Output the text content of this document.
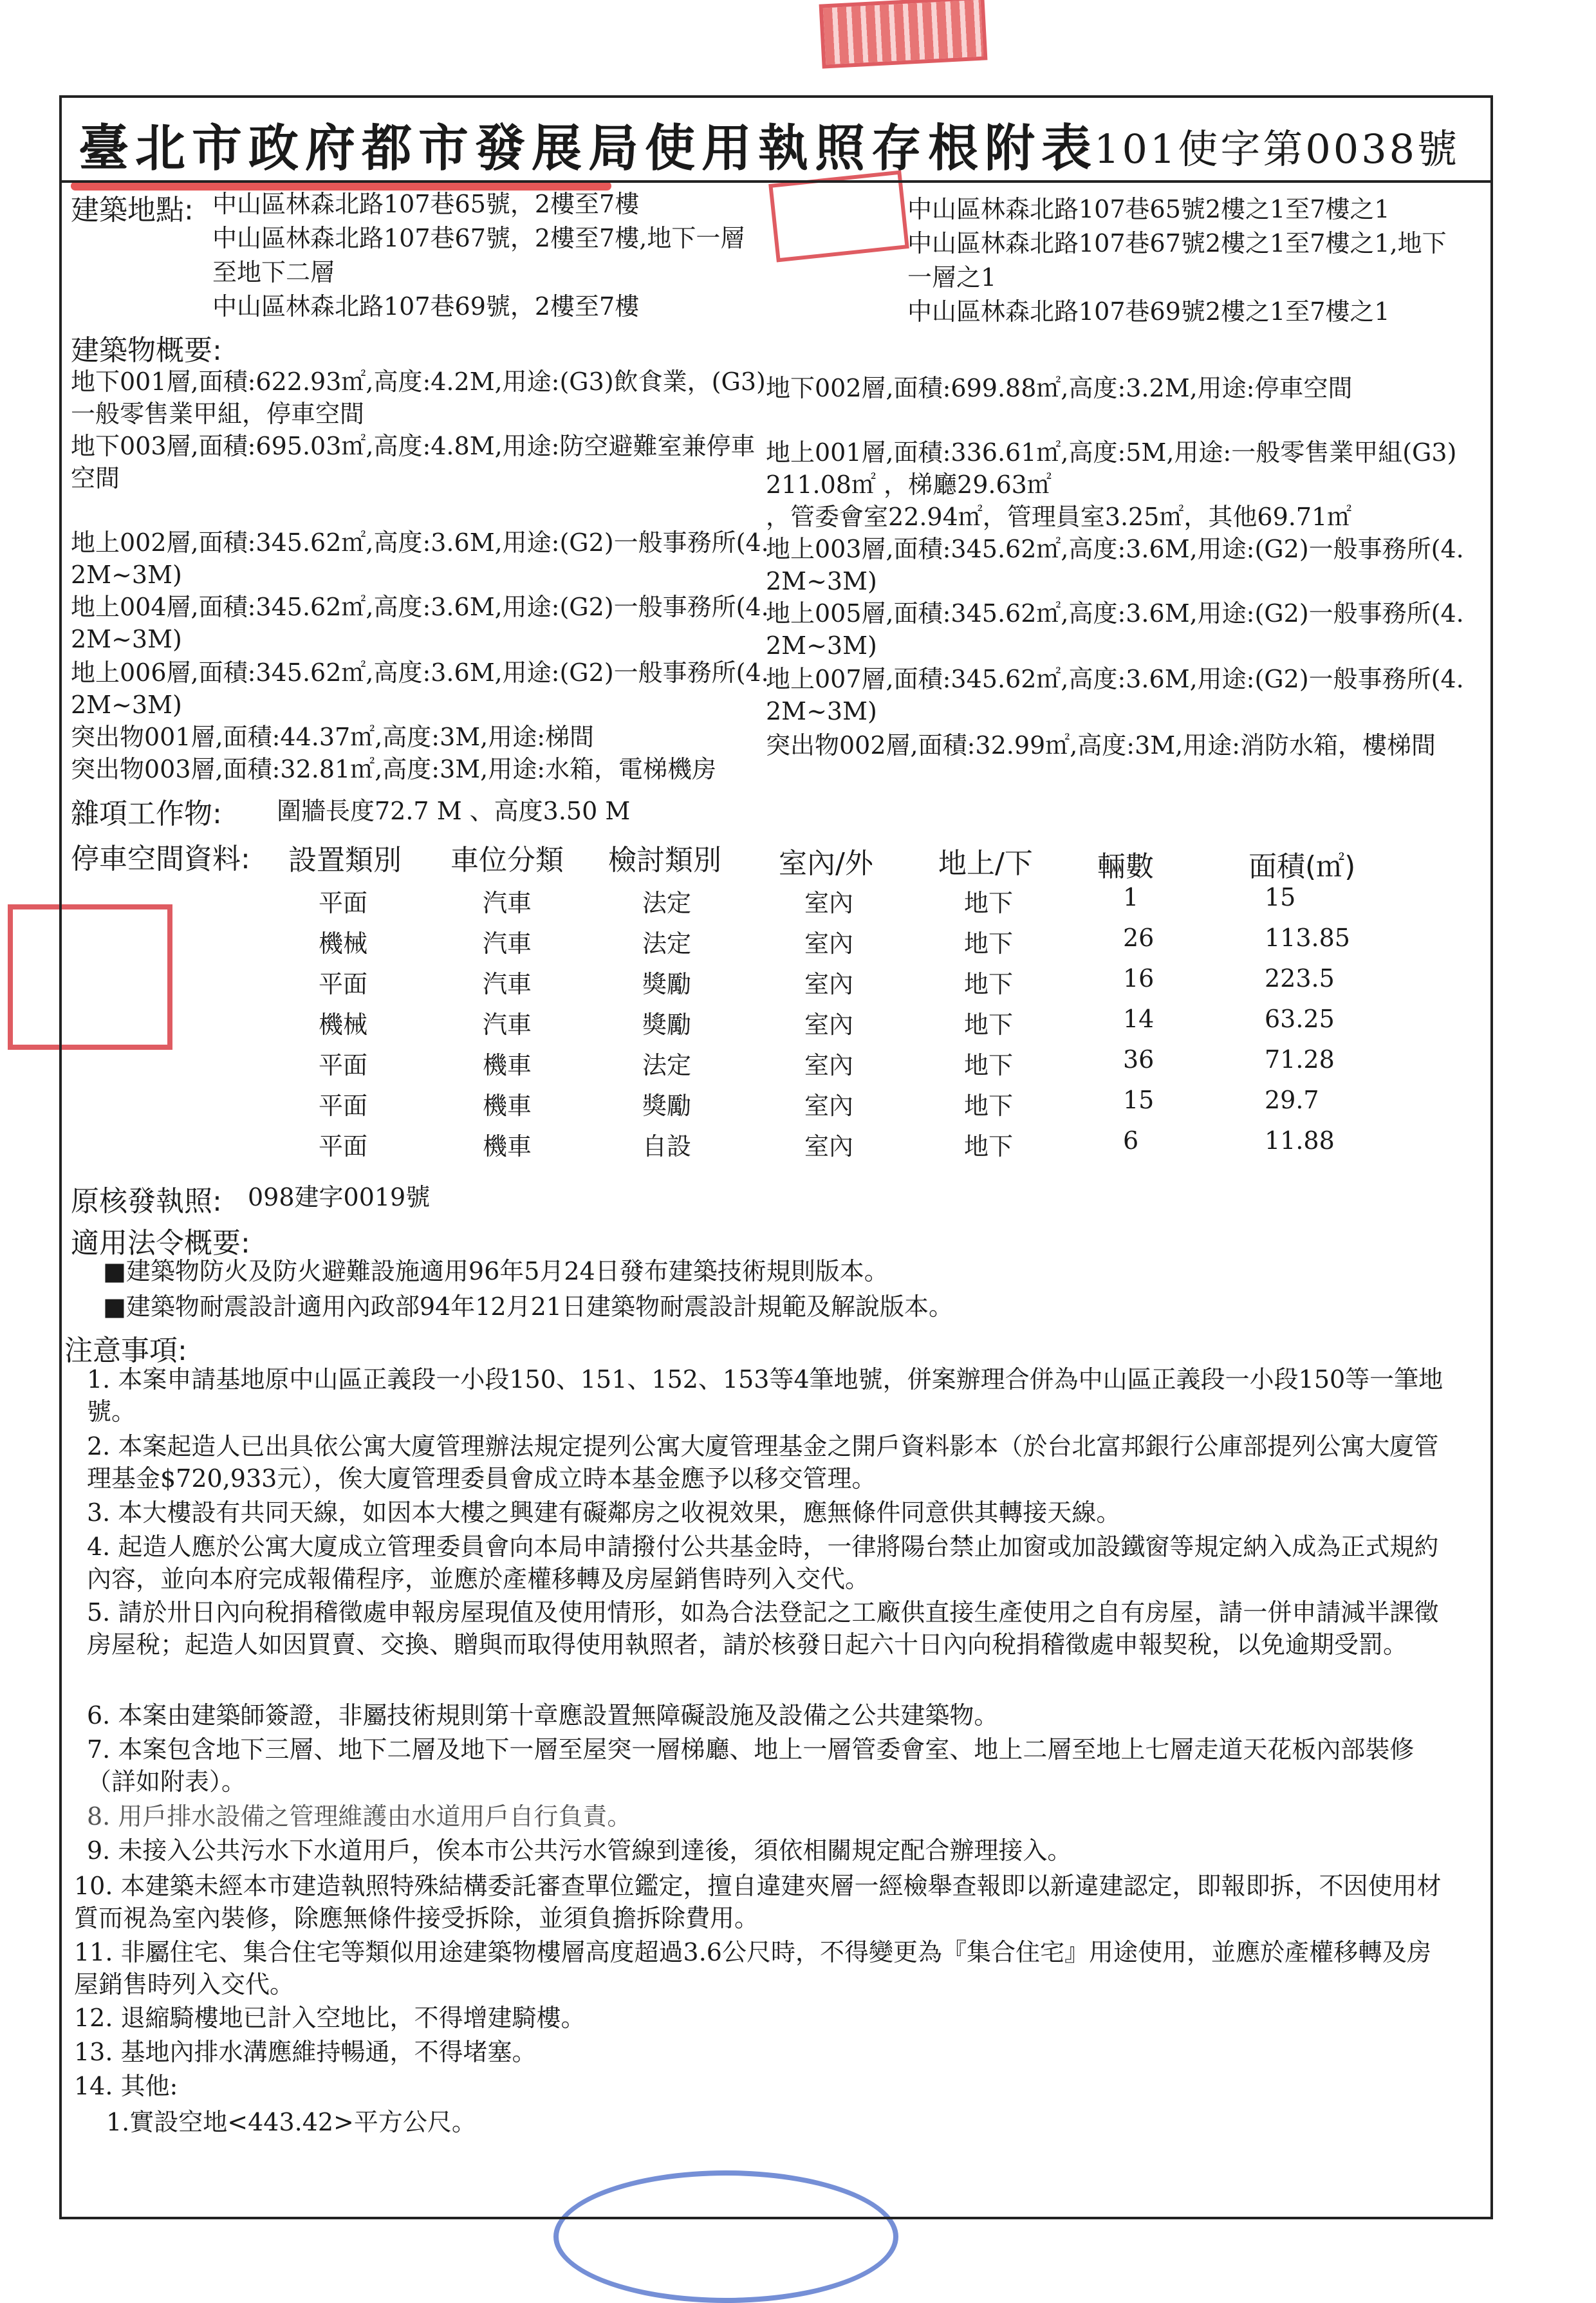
臺北市政府都市發展局使用執照存根附表
101使字第0038號
建築地點: 中山區林森北路107巷65號，2樓至7樓
中山區林森北路107巷67號，2樓至7樓,地下一層
至地下二層
中山區林森北路107巷69號，2樓至7樓
中山區林森北路107巷65號2樓之1至7樓之1
中山區林森北路107巷67號2樓之1至7樓之1,地下
一層之1
中山區林森北路107巷69號2樓之1至7樓之1
建築物概要:
地下001層,面積:622.93㎡,高度:4.2M,用途:(G3)飲食業，(G3)
一般零售業甲組，停車空間
地下003層,面積:695.03㎡,高度:4.8M,用途:防空避難室兼停車
空間
地上002層,面積:345.62㎡,高度:3.6M,用途:(G2)一般事務所(4.
2M~3M)
地上004層,面積:345.62㎡,高度:3.6M,用途:(G2)一般事務所(4.
2M~3M)
地上006層,面積:345.62㎡,高度:3.6M,用途:(G2)一般事務所(4.
2M~3M)
突出物001層,面積:44.37㎡,高度:3M,用途:梯間
突出物003層,面積:32.81㎡,高度:3M,用途:水箱，電梯機房
地下002層,面積:699.88㎡,高度:3.2M,用途:停車空間
地上001層,面積:336.61㎡,高度:5M,用途:一般零售業甲組(G3)
211.08㎡ ，梯廳29.63㎡
，管委會室22.94㎡，管理員室3.25㎡，其他69.71㎡
地上003層,面積:345.62㎡,高度:3.6M,用途:(G2)一般事務所(4.
2M~3M)
地上005層,面積:345.62㎡,高度:3.6M,用途:(G2)一般事務所(4.
2M~3M)
地上007層,面積:345.62㎡,高度:3.6M,用途:(G2)一般事務所(4.
2M~3M)
突出物002層,面積:32.99㎡,高度:3M,用途:消防水箱，樓梯間
雜項工作物: 圍牆長度72.7 M 、高度3.50 M
停車空間資料: 設置類別 車位分類 檢討類別 室內/外 地上/下 輛數	面積(㎡)
平面	汽車	法定	室內	地下	1	15
機械	汽車	法定	室內	地下	26	113.85
平面	汽車	獎勵	室內	地下	16	223.5
機械	汽車	獎勵	室內	地下	14	63.25
平面	機車	法定	室內	地下	36	71.28
平面	機車	獎勵	室內	地下	15	29.7
平面	機車	自設	室內	地下	6	11.88
原核發執照: 098建字0019號
適用法令概要:
■建築物防火及防火避難設施適用96年5月24日發布建築技術規則版本。
■建築物耐震設計適用內政部94年12月21日建築物耐震設計規範及解說版本。
注意事項:
1. 本案申請基地原中山區正義段一小段150、151、152、153等4筆地號，併案辦理合併為中山區正義段一小段150等一筆地號。
2. 本案起造人已出具依公寓大廈管理辦法規定提列公寓大廈管理基金之開戶資料影本（於台北富邦銀行公庫部提列公寓大廈管理基金$720,933元），俟大廈管理委員會成立時本基金應予以移交管理。
3. 本大樓設有共同天線，如因本大樓之興建有礙鄰房之收視效果，應無條件同意供其轉接天線。
4. 起造人應於公寓大廈成立管理委員會向本局申請撥付公共基金時，一律將陽台禁止加窗或加設鐵窗等規定納入成為正式規約內容，並向本府完成報備程序，並應於產權移轉及房屋銷售時列入交代。
5. 請於卅日內向稅捐稽徵處申報房屋現值及使用情形，如為合法登記之工廠供直接生產使用之自有房屋，請一併申請減半課徵房屋稅；起造人如因買賣、交換、贈與而取得使用執照者，請於核發日起六十日內向稅捐稽徵處申報契稅，以免逾期受罰。
6. 本案由建築師簽證，非屬技術規則第十章應設置無障礙設施及設備之公共建築物。
7. 本案包含地下三層、地下二層及地下一層至屋突一層梯廳、地上一層管委會室、地上二層至地上七層走道天花板內部裝修（詳如附表）。
8. 用戶排水設備之管理維護由水道用戶自行負責。
9. 未接入公共污水下水道用戶，俟本市公共污水管線到達後，須依相關規定配合辦理接入。
10. 本建築未經本市建造執照特殊結構委託審查單位鑑定，擅自違建夾層一經檢舉查報即以新違建認定，即報即拆，不因使用材質而視為室內裝修，除應無條件接受拆除，並須負擔拆除費用。
11. 非屬住宅、集合住宅等類似用途建築物樓層高度超過3.6公尺時，不得變更為『集合住宅』用途使用，並應於產權移轉及房屋銷售時列入交代。
12. 退縮騎樓地已計入空地比，不得增建騎樓。
13. 基地內排水溝應維持暢通，不得堵塞。
14. 其他:
1.實設空地<443.42>平方公尺。
